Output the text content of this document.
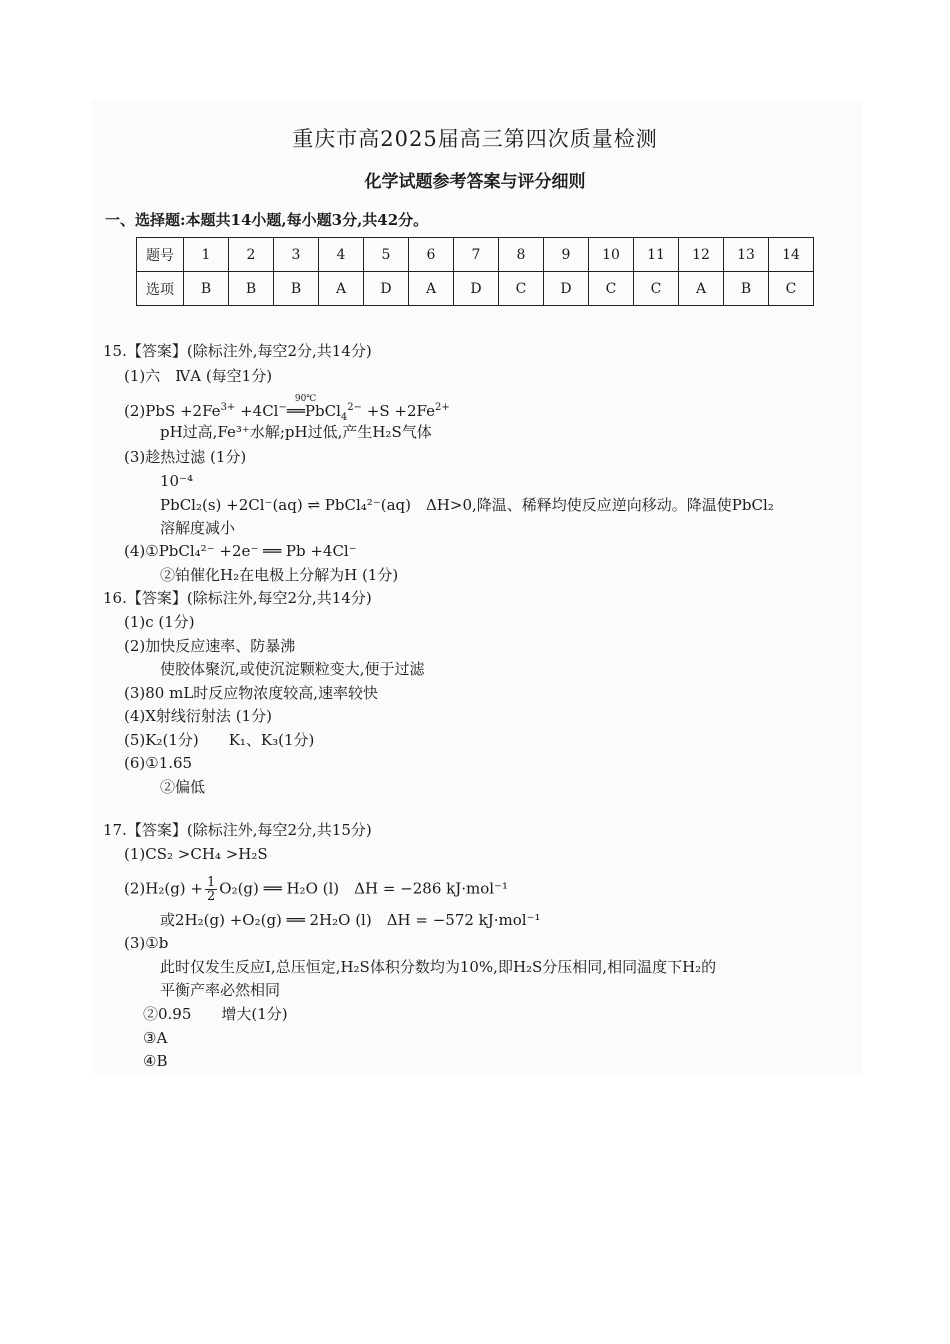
重庆市高2025届高三第四次质量检测
化学试题参考答案与评分细则
一、选择题:本题共14小题,每小题3分,共42分。
题号	1	2	3	4	5	6	7	8	9	10	11	12	13	14
选项	B	B	B	A	D	A	D	C	D	C	C	A	B	C
15.【答案】(除标注外,每空2分,共14分)
(1)六　ⅣA (每空1分)
$(2)PbS +2Fe^{3+} +4Cl^-$
90℃
══PbCl$_4^{2-}$ $+S +2Fe^{2+}$
pH过高,Fe³⁺水解;pH过低,产生H₂S气体
(3)趁热过滤 (1分)
10⁻⁴
PbCl₂(s) +2Cl⁻(aq) ⇌ PbCl₄²⁻(aq)　ΔH>0,降温、稀释均使反应逆向移动。降温使PbCl₂
溶解度减小
(4)①PbCl₄²⁻ +2e⁻ ══ Pb +4Cl⁻
②铂催化H₂在电极上分解为H (1分)
16.【答案】(除标注外,每空2分,共14分)
(1)c (1分)
(2)加快反应速率、防暴沸
使胶体聚沉,或使沉淀颗粒变大,便于过滤
(3)80 mL时反应物浓度较高,速率较快
(4)X射线衍射法 (1分)
(5)K₂(1分)　　K₁、K₃(1分)
(6)①1.65
②偏低
17.【答案】(除标注外,每空2分,共15分)
(1)CS₂ >CH₄ >H₂S
$(2)H_2(g) + \frac{1}{2} O_2(g)$ ══ H₂O (l)　ΔH = −286 kJ·mol⁻¹
或2H₂(g) +O₂(g) ══ 2H₂O (l)　ΔH = −572 kJ·mol⁻¹
(3)①b
此时仅发生反应Ⅰ,总压恒定,H₂S体积分数均为10%,即H₂S分压相同,相同温度下H₂的
平衡产率必然相同
②0.95　　增大(1分)
③A
④B
